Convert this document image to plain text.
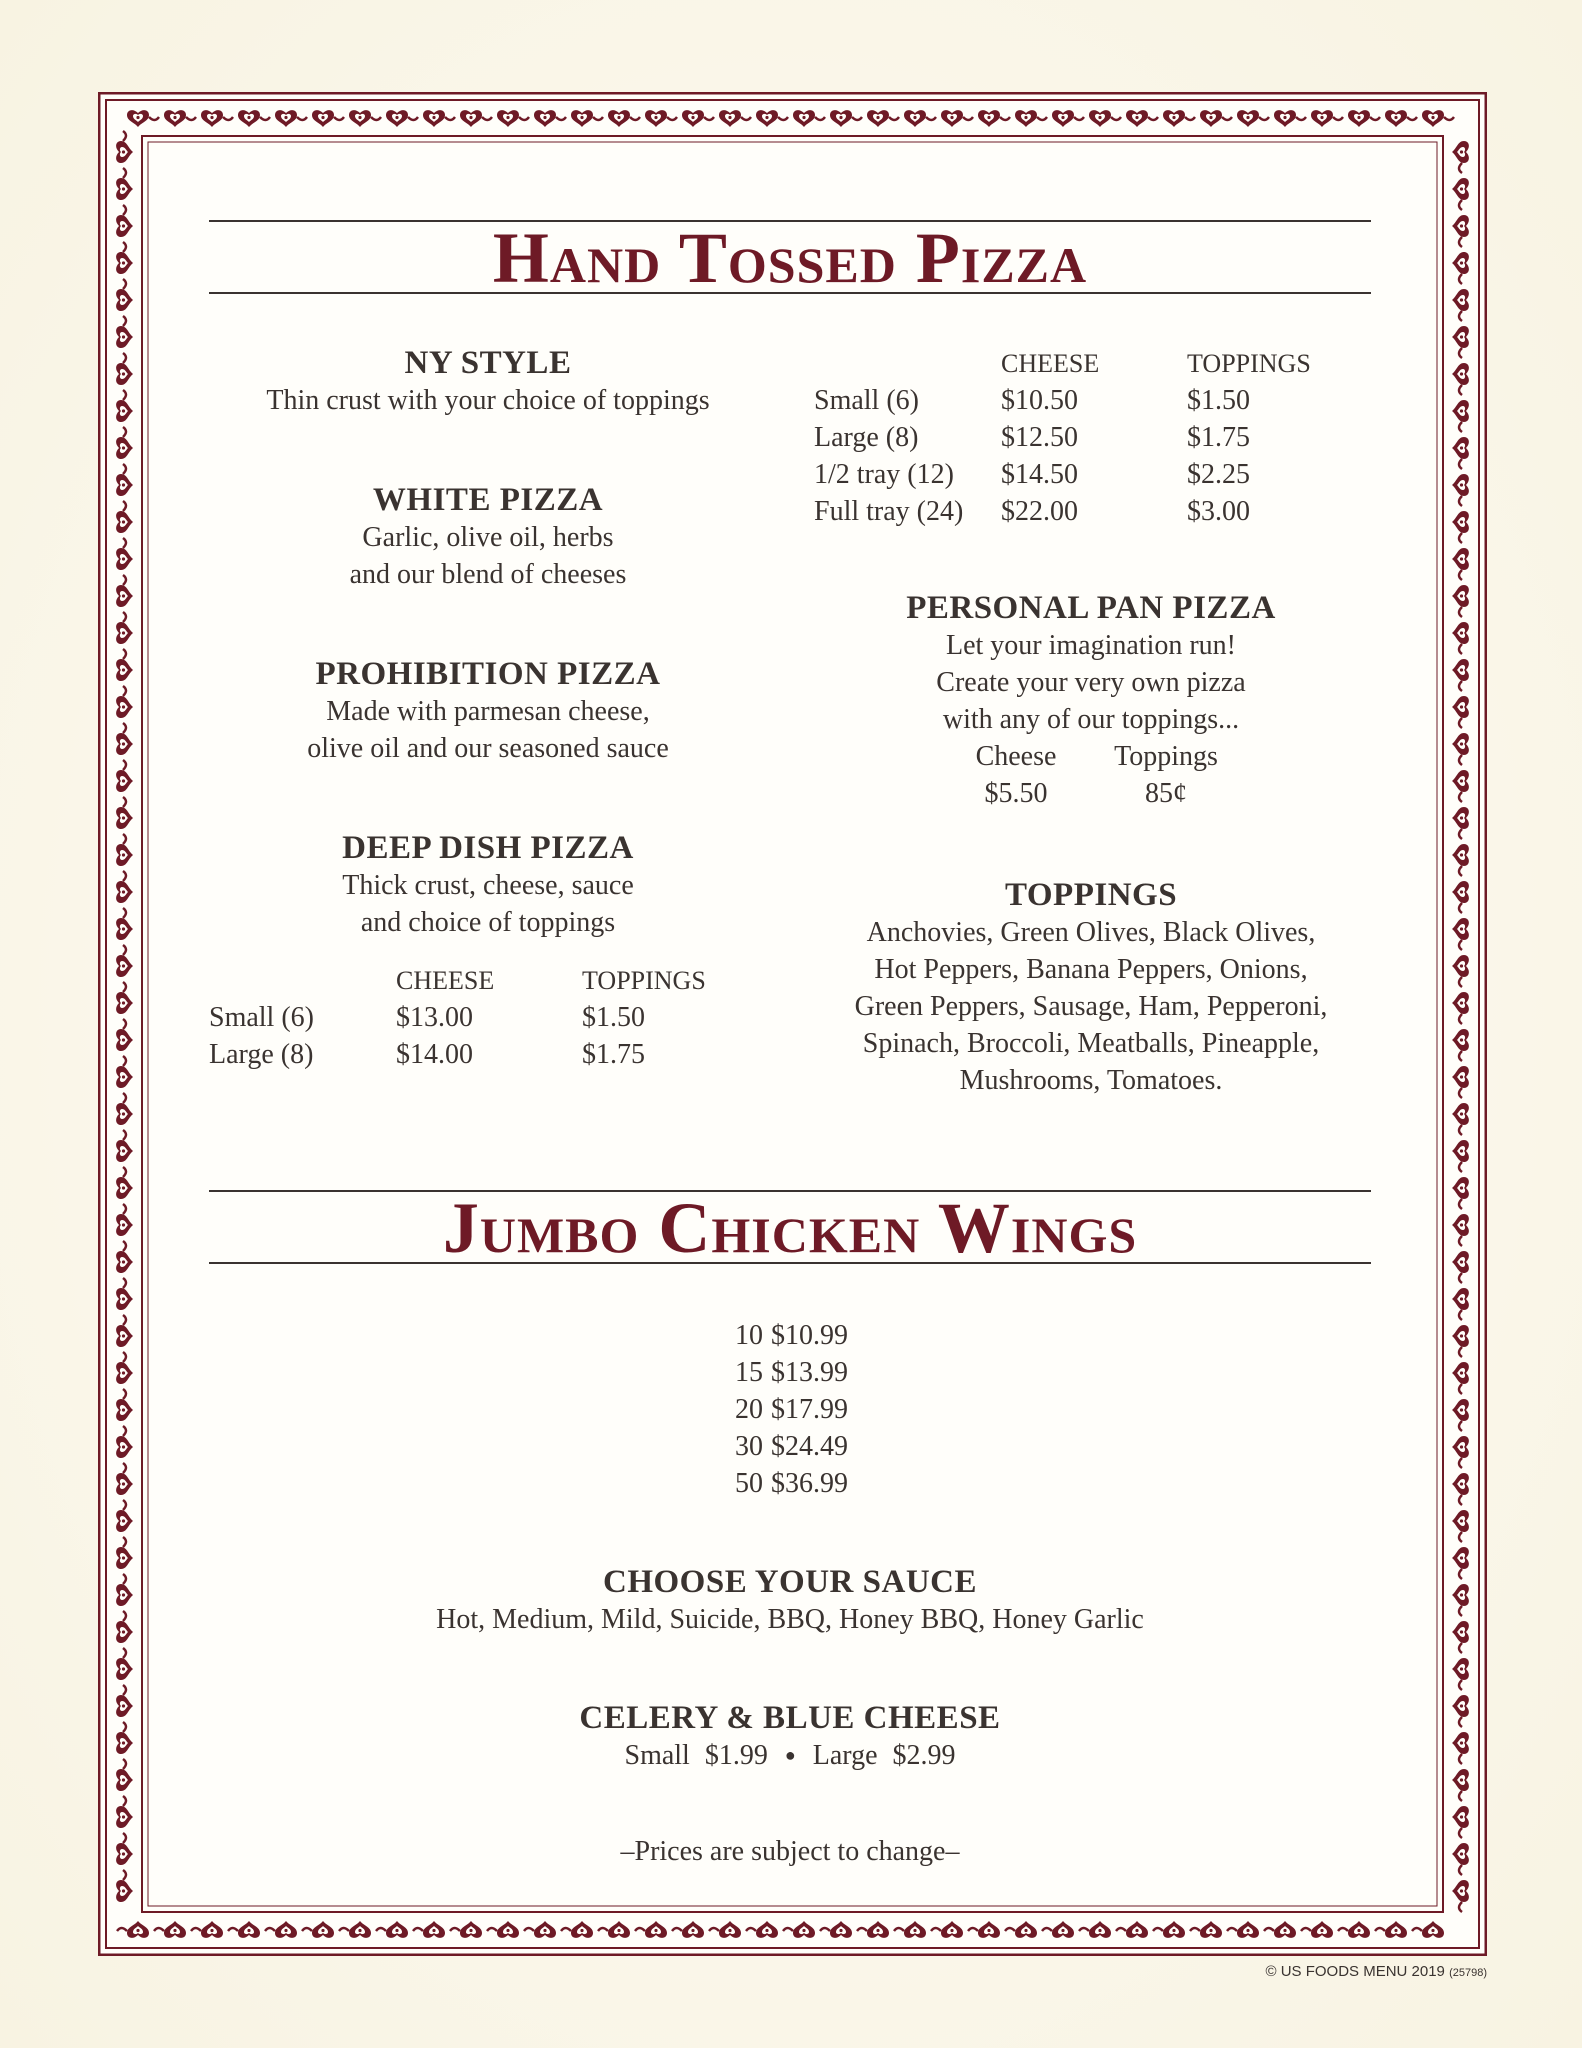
Hand Tossed Pizza
NY STYLE
Thin crust with your choice of toppings
WHITE PIZZA
Garlic, olive oil, herbs
and our blend of cheeses
PROHIBITION PIZZA
Made with parmesan cheese,
olive oil and our seasoned sauce
DEEP DISH PIZZA
Thick crust, cheese, sauce
and choice of toppings
	CHEESE	TOPPINGS
Small (6)	$13.00	$1.50
Large (8)	$14.00	$1.75
	CHEESE	TOPPINGS
Small (6)	$10.50	$1.50
Large (8)	$12.50	$1.75
1/2 tray (12)	$14.50	$2.25
Full tray (24)	$22.00	$3.00
PERSONAL PAN PIZZA
Let your imagination run!
Create your very own pizza
with any of our toppings...
Cheese	Toppings
$5.50	85¢
TOPPINGS
Anchovies, Green Olives, Black Olives,
Hot Peppers, Banana Peppers, Onions,
Green Peppers, Sausage, Ham, Pepperoni,
Spinach, Broccoli, Meatballs, Pineapple,
Mushrooms, Tomatoes.
Jumbo Chicken Wings
10	$10.99
15	$13.99
20	$17.99
30	$24.49
50	$36.99
CHOOSE YOUR SAUCE
Hot, Medium, Mild, Suicide, BBQ, Honey BBQ, Honey Garlic
CELERY & BLUE CHEESE
Small $1.99 ● Large $2.99
–Prices are subject to change–
© US FOODS MENU 2019 (25798)
